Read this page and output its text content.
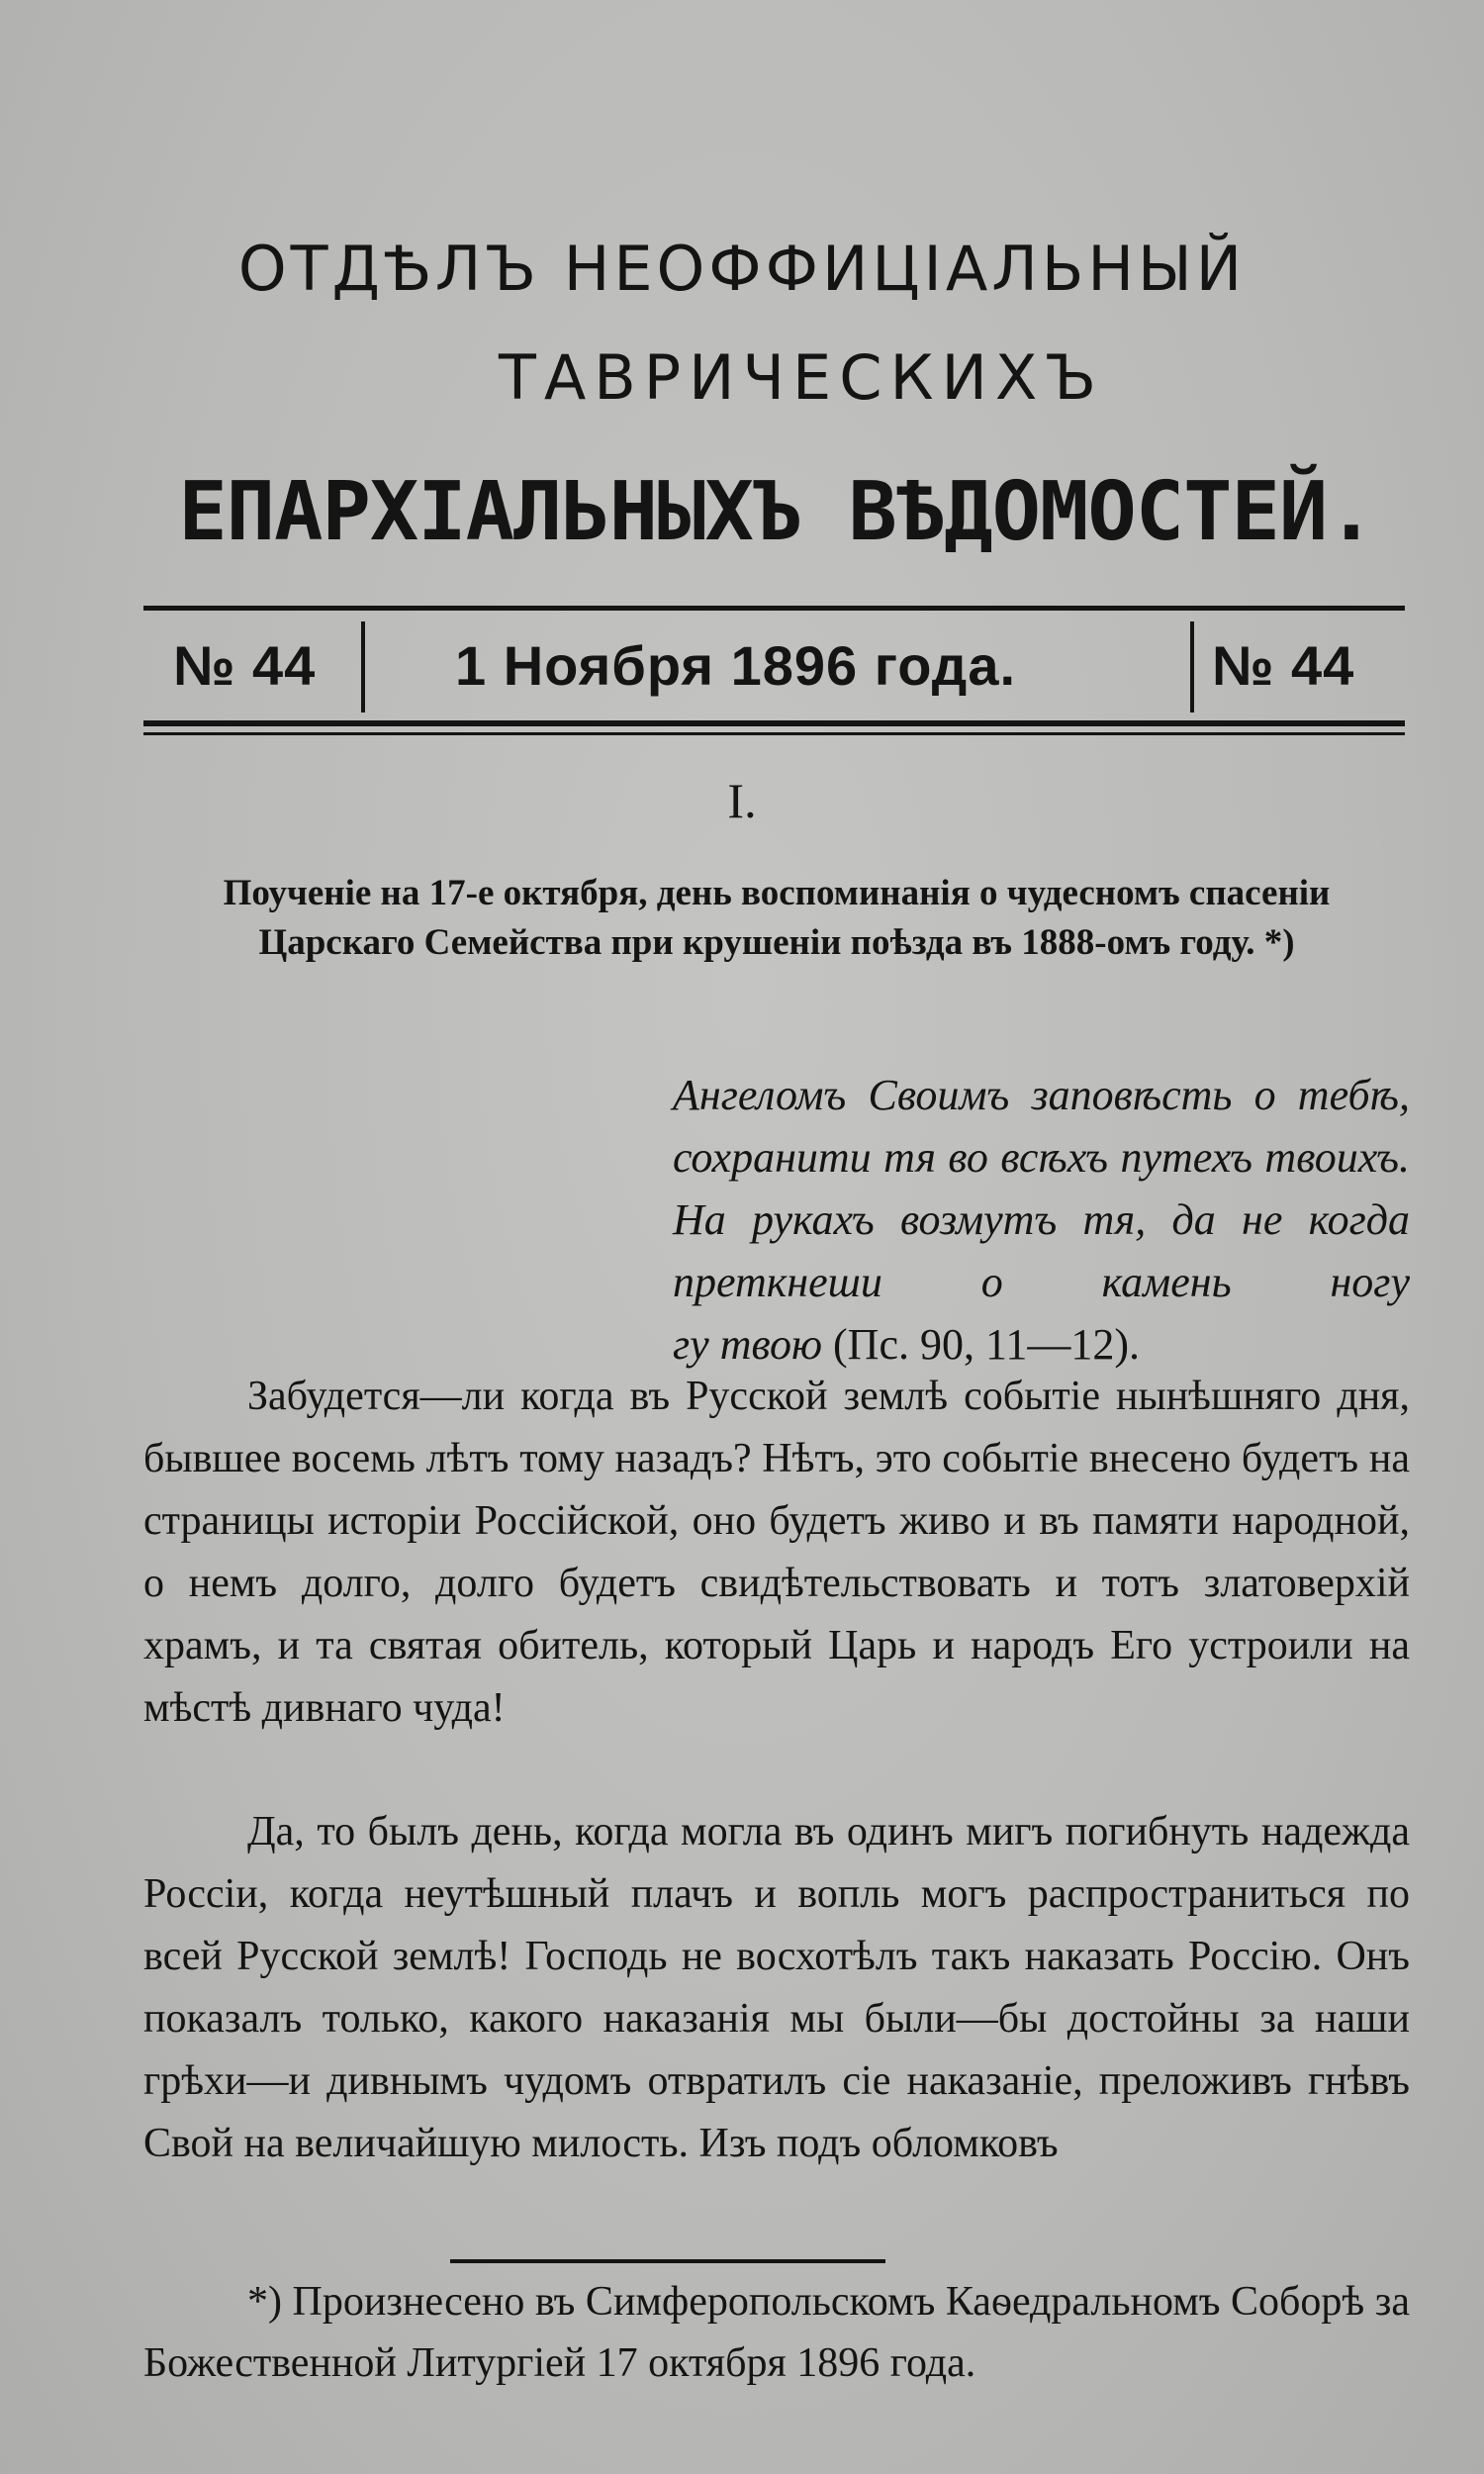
ОТДѢЛЪ НЕОФФИЦІАЛЬНЫЙ
ТАВРИЧЕСКИХЪ
ЕПАРХІАЛЬНЫХЪ ВѢДОМОСТЕЙ.
№ 44	1 Ноября 1896 года.	№ 44
I.
Поученіе на 17-е октября, день воспоминанія о чудесномъ спасеніи Царскаго Семейства при крушеніи поѣзда въ 1888-омъ году. *)
Ангеломъ Своимъ заповѣсть о тебѣ, сохранити тя во всѣхъ путехъ твоихъ. На рукахъ возмутъ тя, да не когда преткнеши о камень ногу
гу твою (Пс. 90, 11—12).
Забудется—ли когда въ Русской землѣ событіе нынѣшняго дня, бывшее восемь лѣтъ тому назадъ? Нѣтъ, это событіе внесено будетъ на страницы исторіи Россійской, оно будетъ живо и въ памяти народной, о немъ долго, долго будетъ свидѣтельствовать и тотъ златоверхій храмъ, и та святая обитель, который Царь и народъ Его устроили на мѣстѣ дивнаго чуда!
Да, то былъ день, когда могла въ одинъ мигъ погибнуть надежда Россіи, когда неутѣшный плачъ и вопль могъ распространиться по всей Русской землѣ! Господь не восхотѣлъ такъ наказать Россію. Онъ показалъ только, какого наказанія мы были—бы достойны за наши грѣхи—и дивнымъ чудомъ отвратилъ сіе наказаніе, преложивъ гнѣвъ Свой на величайшую милость. Изъ подъ обломковъ
*) Произнесено въ Симферопольскомъ Каѳедральномъ Соборѣ за Божественной Литургіей 17 октября 1896 года.
